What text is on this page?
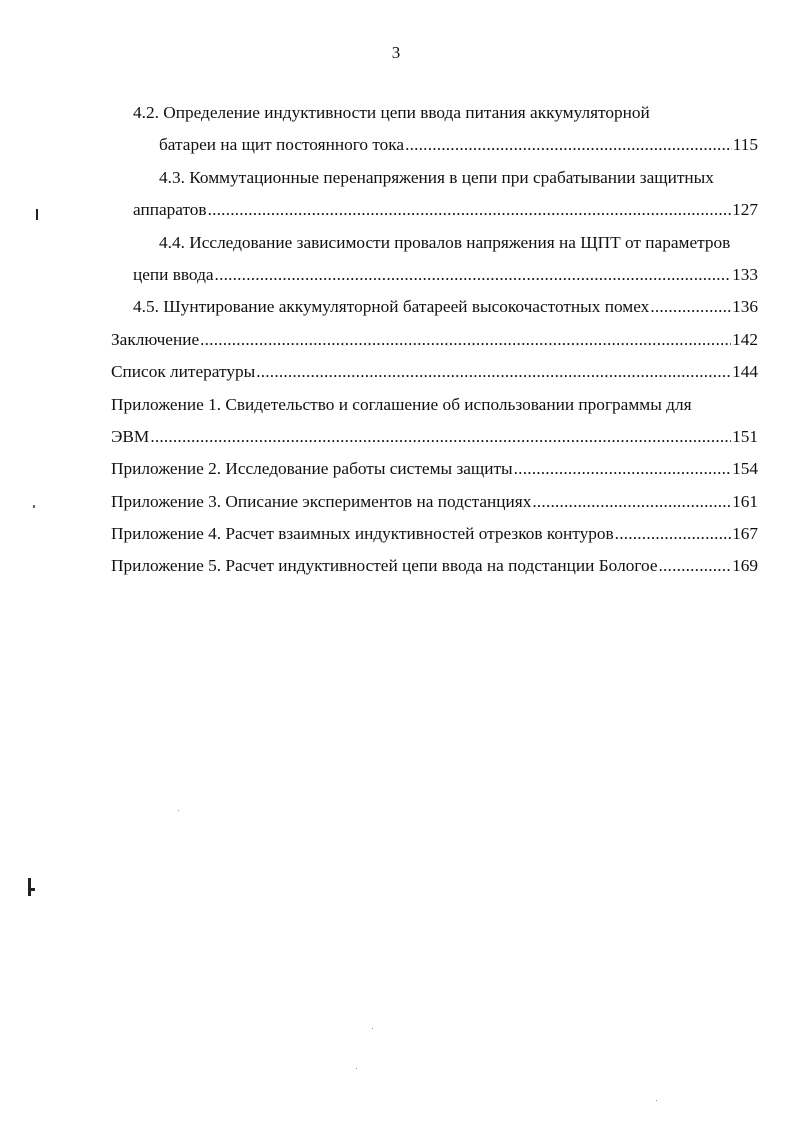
3
4.2. Определение индуктивности цепи ввода питания аккумуляторной
батареи на щит постоянного тока .....	115
4.3. Коммутационные перенапряжения в цепи при срабатывании защитных
аппаратов .....	127
4.4. Исследование зависимости провалов напряжения на ЩПТ от параметров
цепи ввода .....	133
4.5. Шунтирование аккумуляторной батареей высокочастотных помех .....	136
Заключение .....	142
Список литературы .....	144
Приложение 1. Свидетельство и соглашение об использовании программы для
ЭВМ .....	151
Приложение 2. Исследование работы системы защиты .....	154
Приложение 3. Описание экспериментов на подстанциях .....	161
Приложение 4. Расчет взаимных индуктивностей отрезков контуров .....	167
Приложение 5. Расчет индуктивностей цепи ввода на подстанции Бологое .....	169
